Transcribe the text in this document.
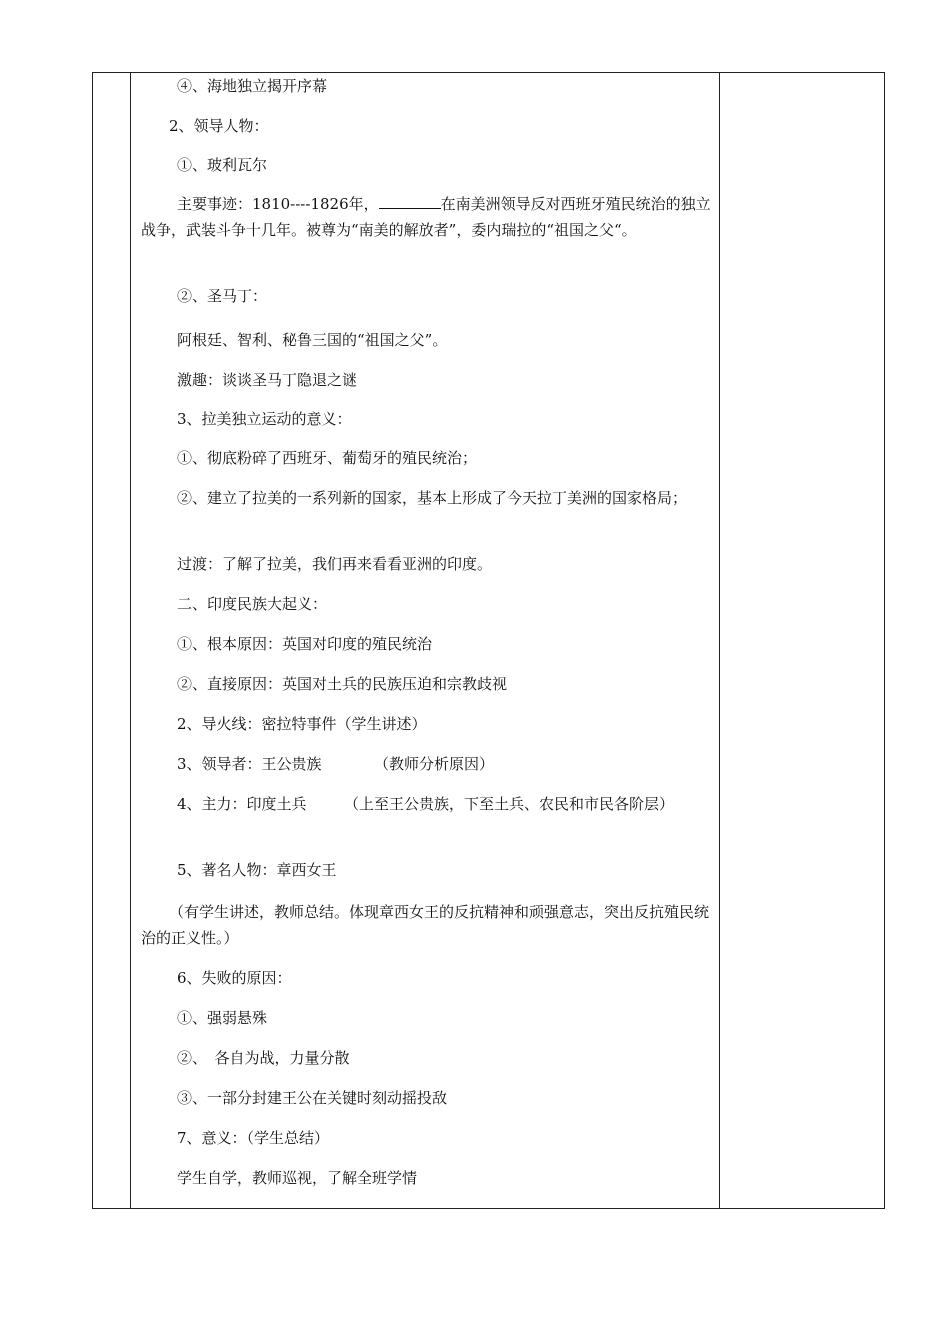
④、海地独立揭开序幕
2、领导人物：
①、玻利瓦尔
主要事迹：1810----1826年，	在南美洲领导反对西班牙殖民统治的独立战争，武装斗争十几年。被尊为“南美的解放者”，委内瑞拉的“祖国之父“。
②、圣马丁：
阿根廷、智利、秘鲁三国的“祖国之父”。
激趣：谈谈圣马丁隐退之谜
3、拉美独立运动的意义：
①、彻底粉碎了西班牙、葡萄牙的殖民统治；
②、建立了拉美的一系列新的国家，基本上形成了今天拉丁美洲的国家格局；
过渡：了解了拉美，我们再来看看亚洲的印度。
二、印度民族大起义：
①、根本原因：英国对印度的殖民统治
②、直接原因：英国对土兵的民族压迫和宗教歧视
2、导火线：密拉特事件（学生讲述）
3、领导者：王公贵族　　　　（教师分析原因）
4、主力：印度土兵　　　（上至王公贵族，下至土兵、农民和市民各阶层）
5、著名人物：章西女王
（有学生讲述，教师总结。体现章西女王的反抗精神和顽强意志，突出反抗殖民统治的正义性。）
6、失败的原因：
①、强弱悬殊
②、　各自为战，力量分散
③、一部分封建王公在关键时刻动摇投敌
7、意义：（学生总结）
学生自学，教师巡视，了解全班学情
